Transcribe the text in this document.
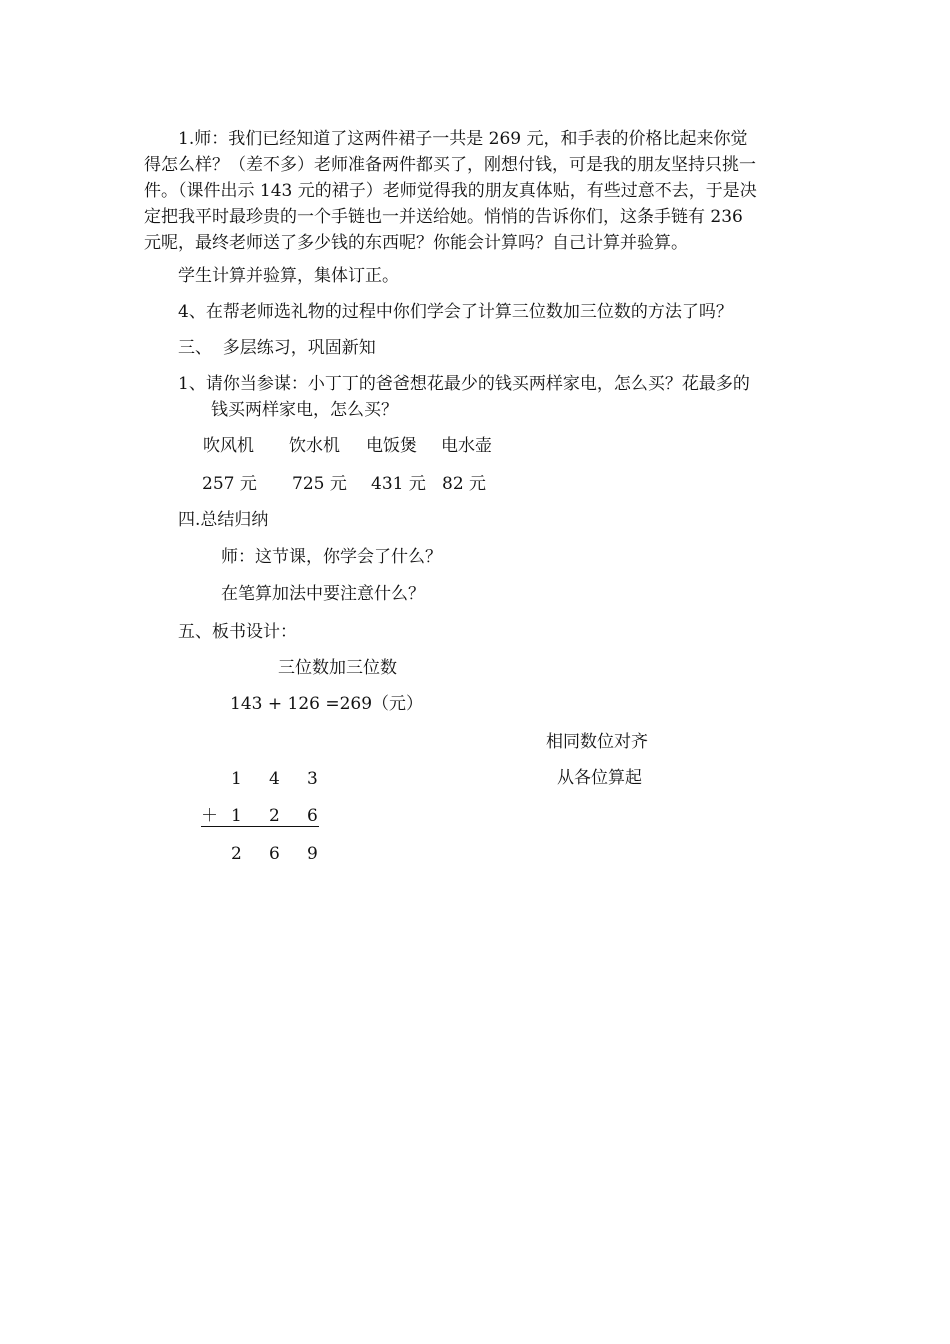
1.师：我们已经知道了这两件裙子一共是 269 元，和手表的价格比起来你觉
得怎么样？（差不多）老师准备两件都买了，刚想付钱，可是我的朋友坚持只挑一
件。（课件出示 143 元的裙子）老师觉得我的朋友真体贴，有些过意不去，于是决
定把我平时最珍贵的一个手链也一并送给她。悄悄的告诉你们，这条手链有 236
元呢，最终老师送了多少钱的东西呢？你能会计算吗？自己计算并验算。
学生计算并验算，集体订正。
4、在帮老师选礼物的过程中你们学会了计算三位数加三位数的方法了吗？
三、  多层练习，巩固新知
1、请你当参谋：小丁丁的爸爸想花最少的钱买两样家电，怎么买？花最多的
钱买两样家电，怎么买？
吹风机 饮水机 电饭煲 电水壶
257 元 725 元 431 元 82 元
四.总结归纳
师：这节课，你学会了什么？
在笔算加法中要注意什么？
五、板书设计：
三位数加三位数
143 + 126 =269（元）
相同数位对齐
从各位算起
1 4 3
＋ 1 2 6
2 6 9
